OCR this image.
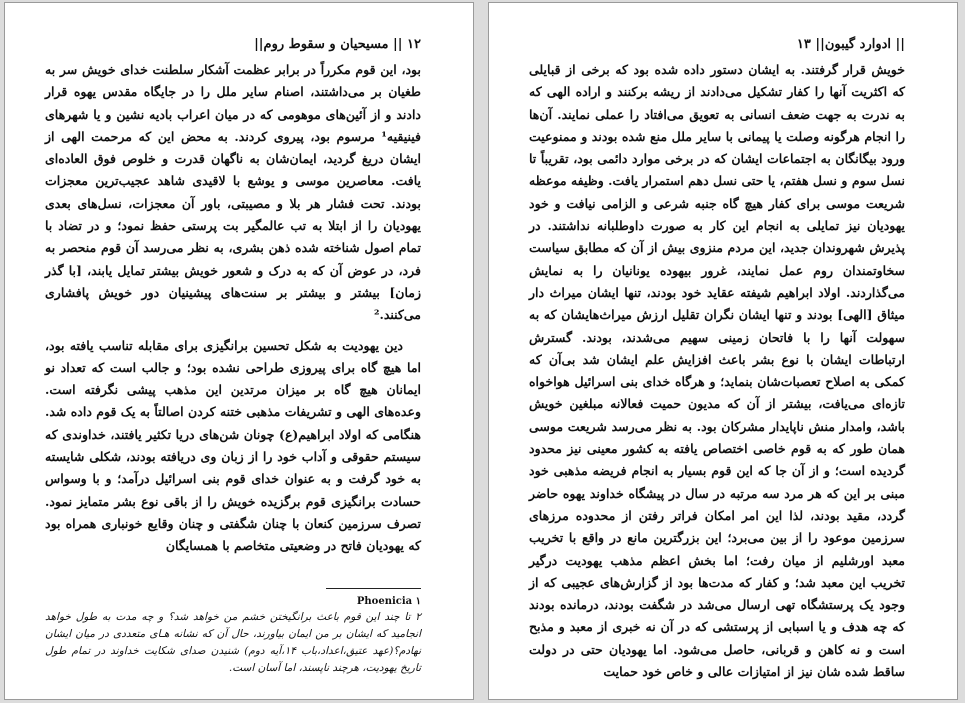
۱۲ || مسیحیان و سقوط روم||

بود، این قوم مکرراً در برابر عظمت آشکار سلطنت خدای خویش سر به طغیان بر می‌داشتند، اصنام سایر ملل را در جایگاه مقدس یهوه قرار دادند و از آئین‌های موهومی که در میان اعراب بادیه نشین و یا شهرهای فینیقیه¹ مرسوم بود، پیروی کردند. به محض این که مرحمت الهی از ایشان دریغ گردید، ایمان‌شان به ناگهان قدرت و خلوص فوق العاده‌ای یافت. معاصرین موسی و یوشع با لاقیدی شاهد عجیب‌ترین معجزات بودند. تحت فشار هر بلا و مصیبتی، باور آن معجزات، نسل‌های بعدی یهودیان را از ابتلا به تب عالمگیر بت پرستی حفظ نمود؛ و در تضاد با تمام اصول شناخته شده ذهن بشری، به نظر می‌رسد آن قوم منحصر به فرد، در عوض آن که به درک و شعور خویش بیشتر تمایل یابند، [با گذر زمان] بیشتر و بیشتر بر سنت‌های پیشینیان دور خویش پافشاری می‌کنند.²

دین یهودیت به شکل تحسین برانگیزی برای مقابله تناسب یافته بود، اما هیچ گاه برای پیروزی طراحی نشده بود؛ و جالب است که تعداد نو ایمانان هیچ گاه بر میزان مرتدین این مذهب پیشی نگرفته است. وعده‌های الهی و تشریفات مذهبی ختنه کردن اصالتاً به یک قوم داده شد. هنگامی که اولاد ابراهیم(ع) چونان شن‌های دریا تکثیر یافتند، خداوندی که سیستم حقوقی و آداب خود را از زبان وی دریافته بودند، شکلی شایسته به خود گرفت و به عنوان خدای قوم بنی اسرائیل درآمد؛ و با وسواس حسادت برانگیزی قوم برگزیده خویش را از باقی نوع بشر متمایز نمود. تصرف سرزمین کنعان با چنان شگفتی و چنان وقایع خونباری همراه بود که یهودیان فاتح در وضعیتی متخاصم با همسایگان

Phoenicia ۱

۲ تا چند این قوم باعث برانگیختن خشم من خواهد شد؟ و چه مدت به طول خواهد انجامید که ایشان بر من ایمان بیاورند، حال آن که نشانه هـای متعددی در میان ایشان نهادم؟(عهد عتیق،اعداد،باب ۱۴،آیه دوم) شنیدن صدای شکایت خداوند در تمام طول تاریخ یهودیت، هرچند ناپسند، اما آسان است.

|| ادوارد گیبون|| ۱۳

خویش قرار گرفتند. به ایشان دستور داده شده بود که برخی از قبایلی که اکثریت آنها را کفار تشکیل می‌دادند از ریشه برکنند و اراده الهی که به ندرت به جهت ضعف انسانی به تعویق می‌افتاد را عملی نمایند. آن‌ها را انجام هرگونه وصلت یا پیمانی با سایر ملل منع شده بودند و ممنوعیت ورود بیگانگان به اجتماعات ایشان که در برخی موارد دائمی بود، تقریباً تا نسل سوم و نسل هفتم، یا حتی نسل دهم استمرار یافت. وظیفه موعظه شریعت موسی برای کفار هیچ گاه جنبه شرعی و الزامی نیافت و خود یهودیان نیز تمایلی به انجام این کار به صورت داوطلبانه نداشتند. در پذیرش شهروندان جدید، این مردم منزوی بیش از آن که مطابق سیاست سخاوتمندان روم عمل نمایند، غرور بیهوده یونانیان را به نمایش می‌گذاردند. اولاد ابراهیم شیفته عقاید خود بودند، تنها ایشان میراث دار میثاق [الهی] بودند و تنها ایشان نگران تقلیل ارزش میراث‌هایشان که به سهولت آنها را با فاتحان زمینی سهیم می‌شدند، بودند. گسترش ارتباطات ایشان با نوع بشر باعث افزایش علم ایشان شد بی‌آن که کمکی به اصلاح تعصبات‌شان بنماید؛ و هرگاه خدای بنی اسرائیل هواخواه تازه‌ای می‌یافت، بیشتر از آن که مدیون حمیت فعالانه مبلغین خویش باشد، وامدار منش ناپایدار مشرکان بود. به نظر می‌رسد شریعت موسی همان طور که به قوم خاصی اختصاص یافته به کشور معینی نیز محدود گردیده است؛ و از آن جا که این قوم بسیار به انجام فریضه مذهبی خود مبنی بر این که هر مرد سه مرتبه در سال در پیشگاه خداوند یهوه حاضر گردد، مقید بودند، لذا این امر امکان فراتر رفتن از محدوده مرزهای سرزمین موعود را از بین می‌برد؛ این بزرگترین مانع در واقع با تخریب معبد اورشلیم از میان رفت؛ اما بخش اعظم مذهب یهودیت درگیر تخریب این معبد شد؛ و کفار که مدت‌ها بود از گزارش‌های عجیبی که از وجود یک پرستشگاه تهی ارسال می‌شد در شگفت بودند، درمانده بودند که چه هدف و یا اسبابی از پرستشی که در آن نه خبری از معبد و مذبح است و نه کاهن و قربانی، حاصل می‌شود. اما یهودیان حتی در دولت ساقط شده شان نیز از امتیازات عالی و خاص خود حمایت
